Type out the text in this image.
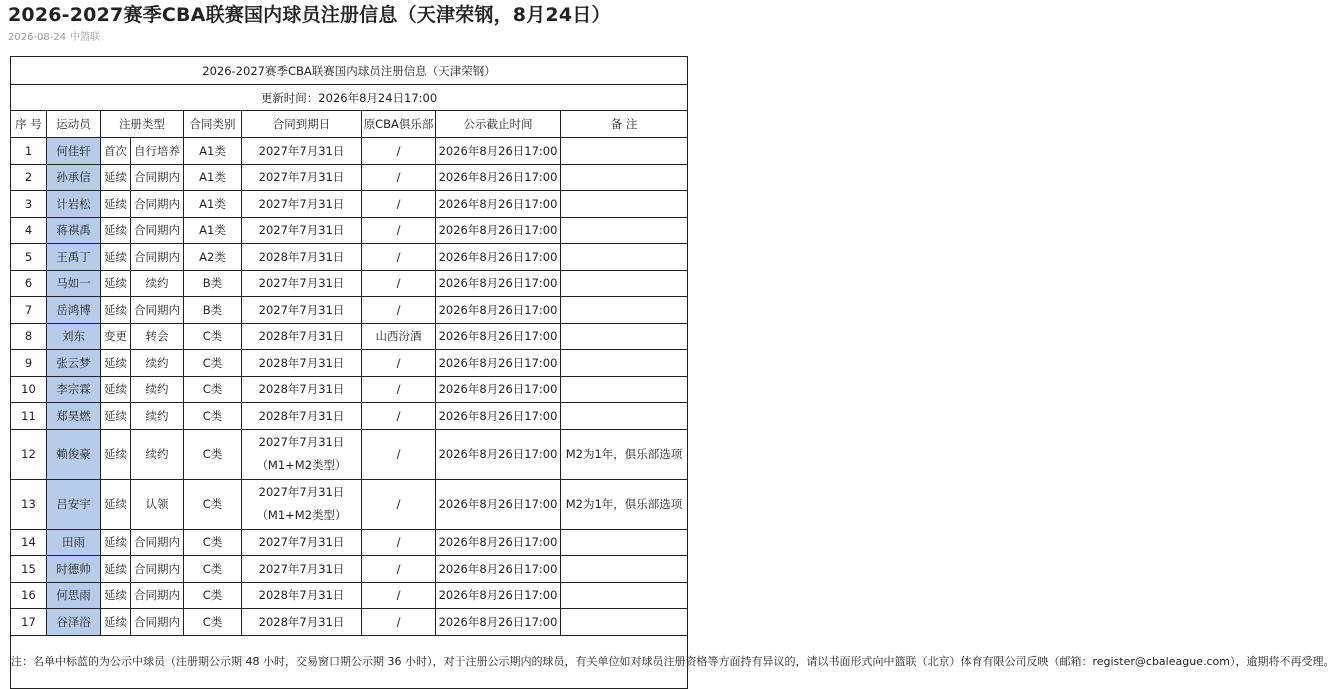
2026-2027赛季CBA联赛国内球员注册信息（天津荣钢，8月24日）
2026-08-24 中篮联
2026-2027赛季CBA联赛国内球员注册信息（天津荣钢）								
更新时间：2026年8月24日17:00								
序 号	运动员	注册类型		合同类别	合同到期日	原CBA俱乐部	公示截止时间	备 注
1	何佳轩	首次	自行培养	A1类	2027年7月31日	/	2026年8月26日17:00	
2	孙承信	延续	合同期内	A1类	2027年7月31日	/	2026年8月26日17:00	
3	计岩松	延续	合同期内	A1类	2027年7月31日	/	2026年8月26日17:00	
4	蒋祺禹	延续	合同期内	A1类	2027年7月31日	/	2026年8月26日17:00	
5	王禹丁	延续	合同期内	A2类	2028年7月31日	/	2026年8月26日17:00	
6	马如一	延续	续约	B类	2027年7月31日	/	2026年8月26日17:00	
7	岳鸿博	延续	合同期内	B类	2027年7月31日	/	2026年8月26日17:00	
8	刘东	变更	转会	C类	2028年7月31日	山西汾酒	2026年8月26日17:00	
9	张云梦	延续	续约	C类	2028年7月31日	/	2026年8月26日17:00	
10	李宗霖	延续	续约	C类	2028年7月31日	/	2026年8月26日17:00	
11	郑昊燃	延续	续约	C类	2028年7月31日	/	2026年8月26日17:00	
12	赖俊豪	延续	续约	C类	2027年7月31日
（M1+M2类型）	/	2026年8月26日17:00	M2为1年，俱乐部选项
13	吕安宇	延续	认领	C类	2027年7月31日
（M1+M2类型）	/	2026年8月26日17:00	M2为1年，俱乐部选项
14	田雨	延续	合同期内	C类	2027年7月31日	/	2026年8月26日17:00	
15	时德帅	延续	合同期内	C类	2027年7月31日	/	2026年8月26日17:00	
16	何思雨	延续	合同期内	C类	2028年7月31日	/	2026年8月26日17:00	
17	谷泽浴	延续	合同期内	C类	2028年7月31日	/	2026年8月26日17:00	
注：名单中标蓝的为公示中球员（注册期公示期 48 小时，交易窗口期公示期 36 小时），对于注册公示期内的球员，有关单位如对球员注册资格等方面持有异议的，请以书面形式向中篮联（北京）体育有限公司反映（邮箱：register@cbaleague.com），逾期将不再受理。								
